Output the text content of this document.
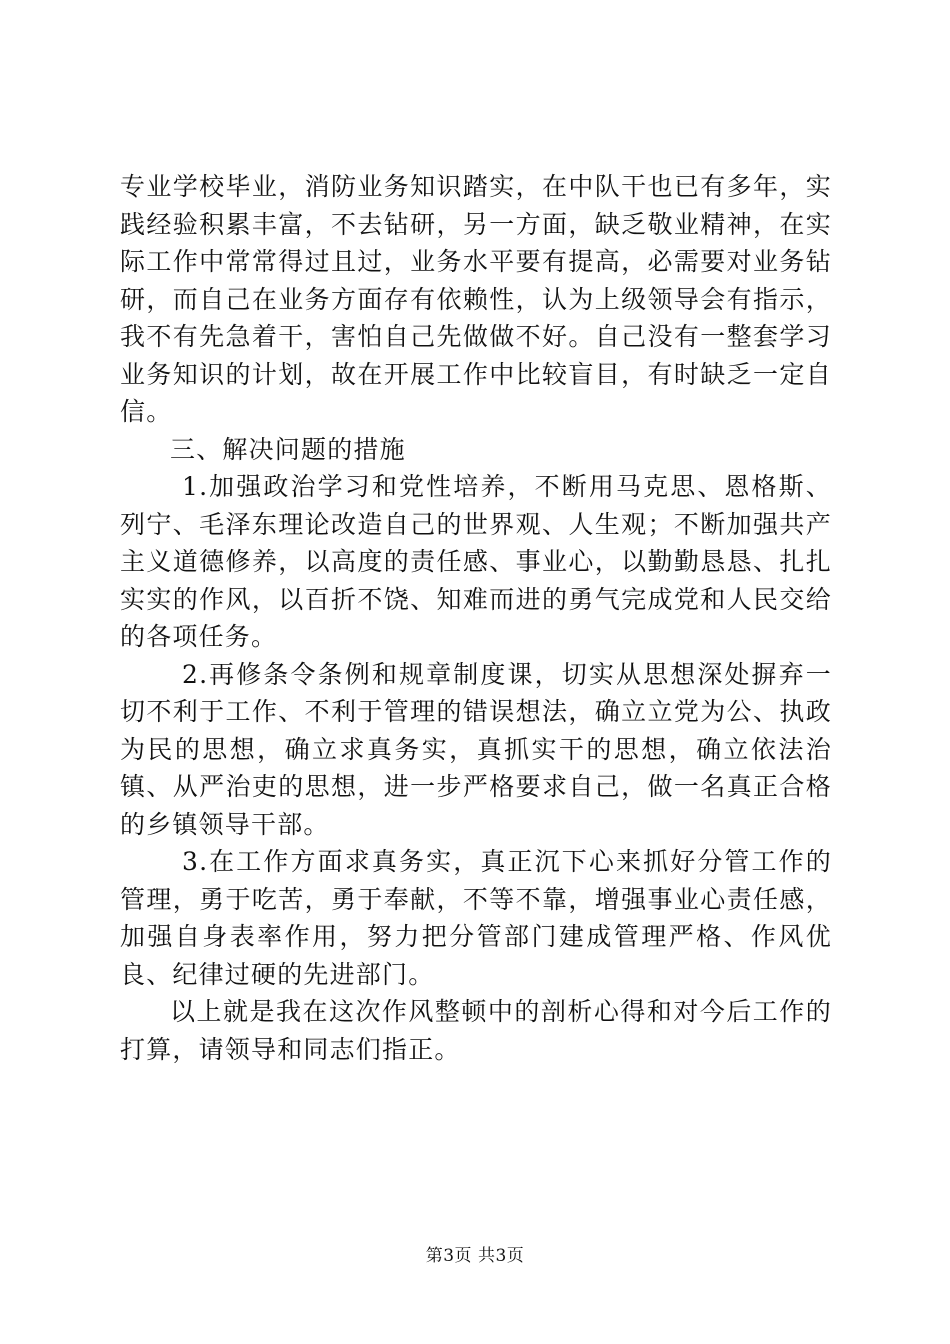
专业学校毕业，消防业务知识踏实，在中队干也已有多年，实践经验积累丰富，不去钻研，另一方面，缺乏敬业精神，在实际工作中常常得过且过，业务水平要有提高，必需要对业务钻研，而自己在业务方面存有依赖性，认为上级领导会有指示，我不有先急着干，害怕自己先做做不好。自己没有一整套学习业务知识的计划，故在开展工作中比较盲目，有时缺乏一定自信。

三、解决问题的措施

1.加强政治学习和党性培养，不断用马克思、恩格斯、列宁、毛泽东理论改造自己的世界观、人生观；不断加强共产主义道德修养，以高度的责任感、事业心，以勤勤恳恳、扎扎实实的作风，以百折不饶、知难而进的勇气完成党和人民交给的各项任务。

2.再修条令条例和规章制度课，切实从思想深处摒弃一切不利于工作、不利于管理的错误想法，确立立党为公、执政为民的思想，确立求真务实，真抓实干的思想，确立依法治镇、从严治吏的思想，进一步严格要求自己，做一名真正合格的乡镇领导干部。

3.在工作方面求真务实，真正沉下心来抓好分管工作的管理，勇于吃苦，勇于奉献，不等不靠，增强事业心责任感，加强自身表率作用，努力把分管部门建成管理严格、作风优良、纪律过硬的先进部门。

以上就是我在这次作风整顿中的剖析心得和对今后工作的打算，请领导和同志们指正。

第3页 共3页
